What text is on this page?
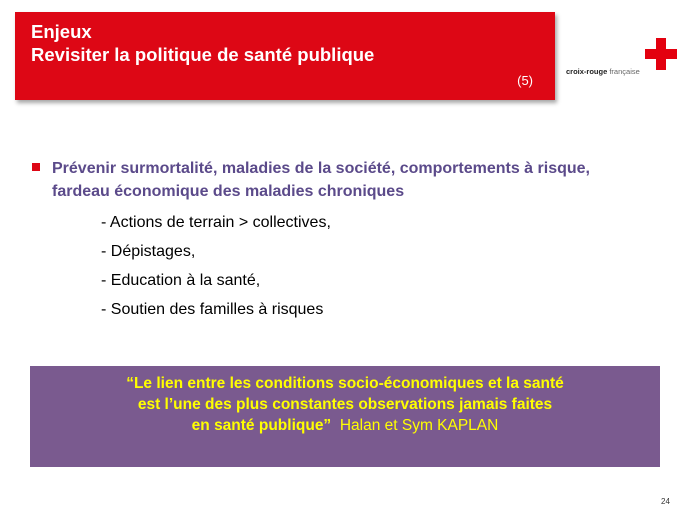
Enjeux
Revisiter la politique de santé publique
(5)
croix-rouge française
Prévenir surmortalité, maladies de la société, comportements à risque, fardeau économique des maladies chroniques
- Actions de terrain > collectives,
- Dépistages,
- Education à la santé,
- Soutien des familles à risques
“Le lien entre les conditions socio-économiques et la santé
est l’une des plus constantes observations jamais faites
en santé publique” Halan et Sym KAPLAN
24
